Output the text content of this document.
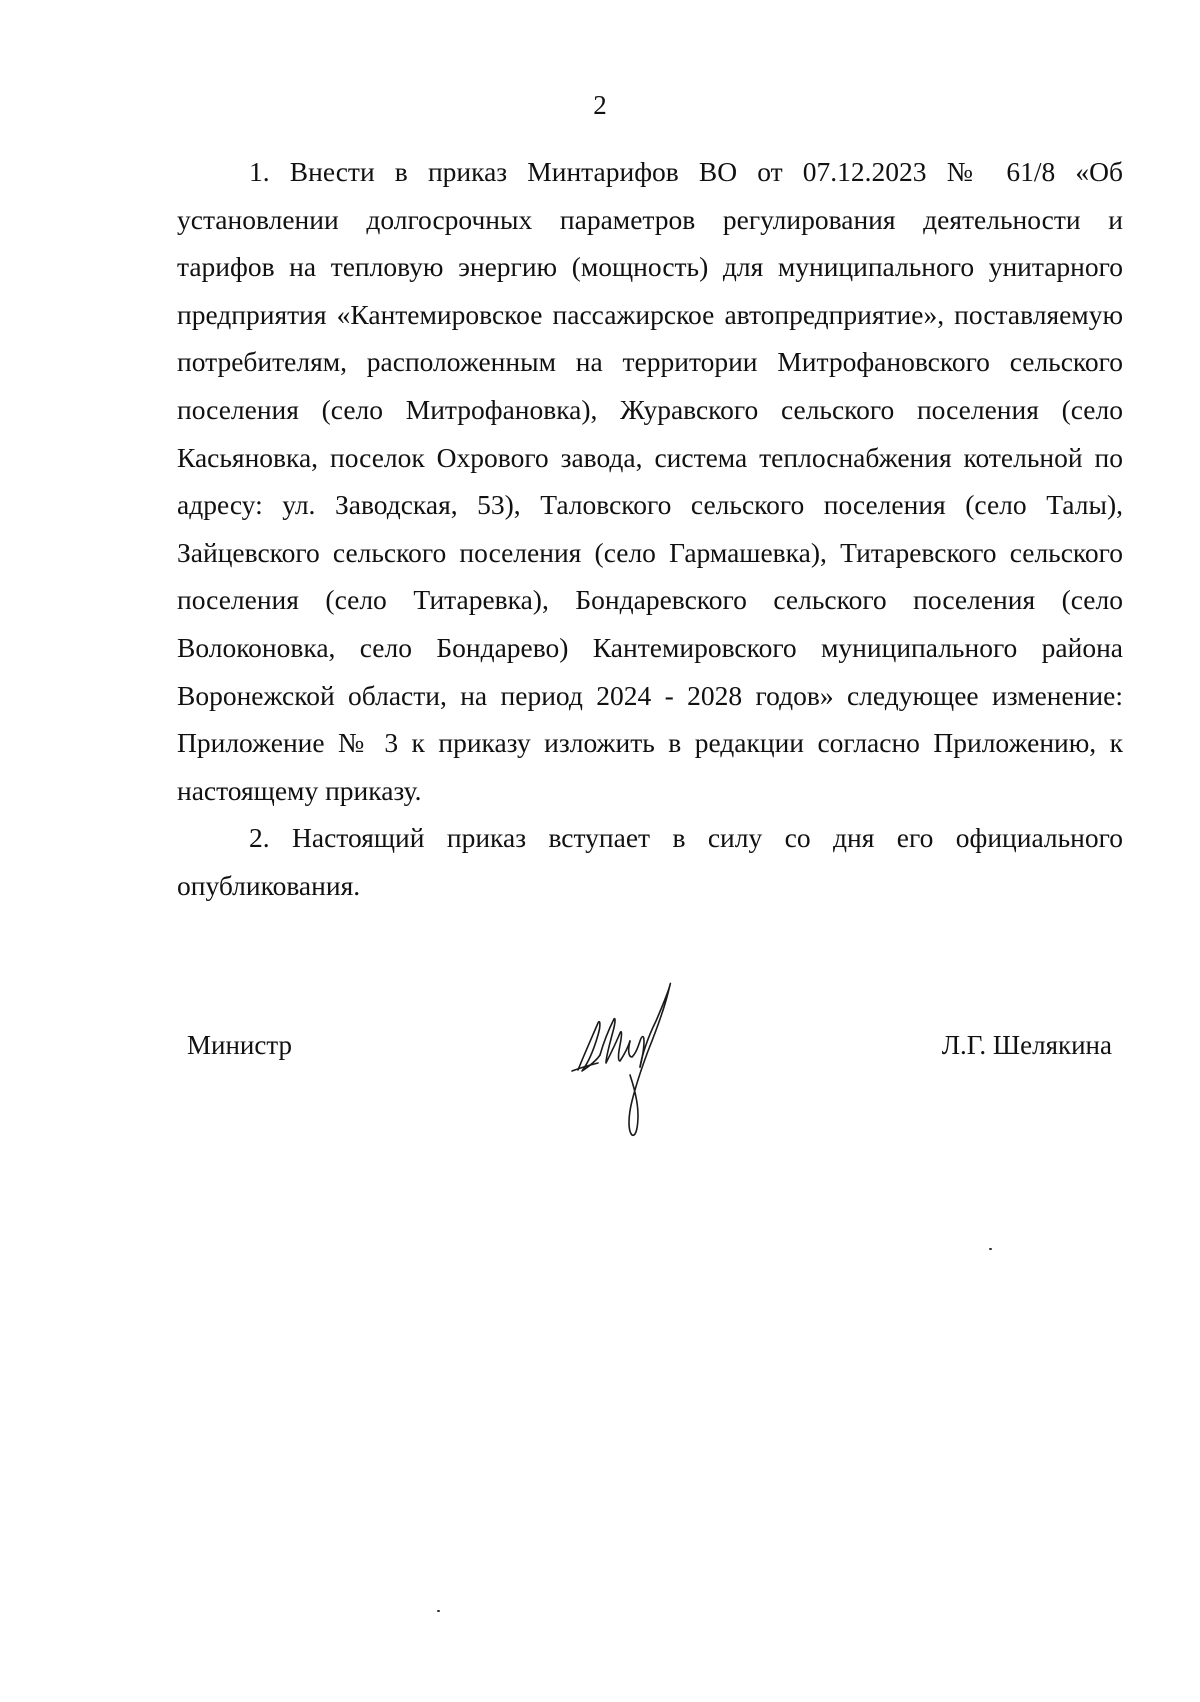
2

1. Внести в приказ Минтарифов ВО от 07.12.2023 № 61/8 «Об установлении долгосрочных параметров регулирования деятельности и тарифов на тепловую энергию (мощность) для муниципального унитарного предприятия «Кантемировское пассажирское автопредприятие», поставляемую потребителям, расположенным на территории Митрофановского сельского поселения (село Митрофановка), Журавского сельского поселения (село Касьяновка, поселок Охрового завода, система теплоснабжения котельной по адресу: ул. Заводская, 53), Таловского сельского поселения (село Талы), Зайцевского сельского поселения (село Гармашевка), Титаревского сельского поселения (село Титаревка), Бондаревского сельского поселения (село Волоконовка, село Бондарево) Кантемировского муниципального района Воронежской области, на период 2024 - 2028 годов» следующее изменение: Приложение № 3 к приказу изложить в редакции согласно Приложению, к настоящему приказу.

2. Настоящий приказ вступает в силу со дня его официального опубликования.

Министр	Л.Г. Шелякина
